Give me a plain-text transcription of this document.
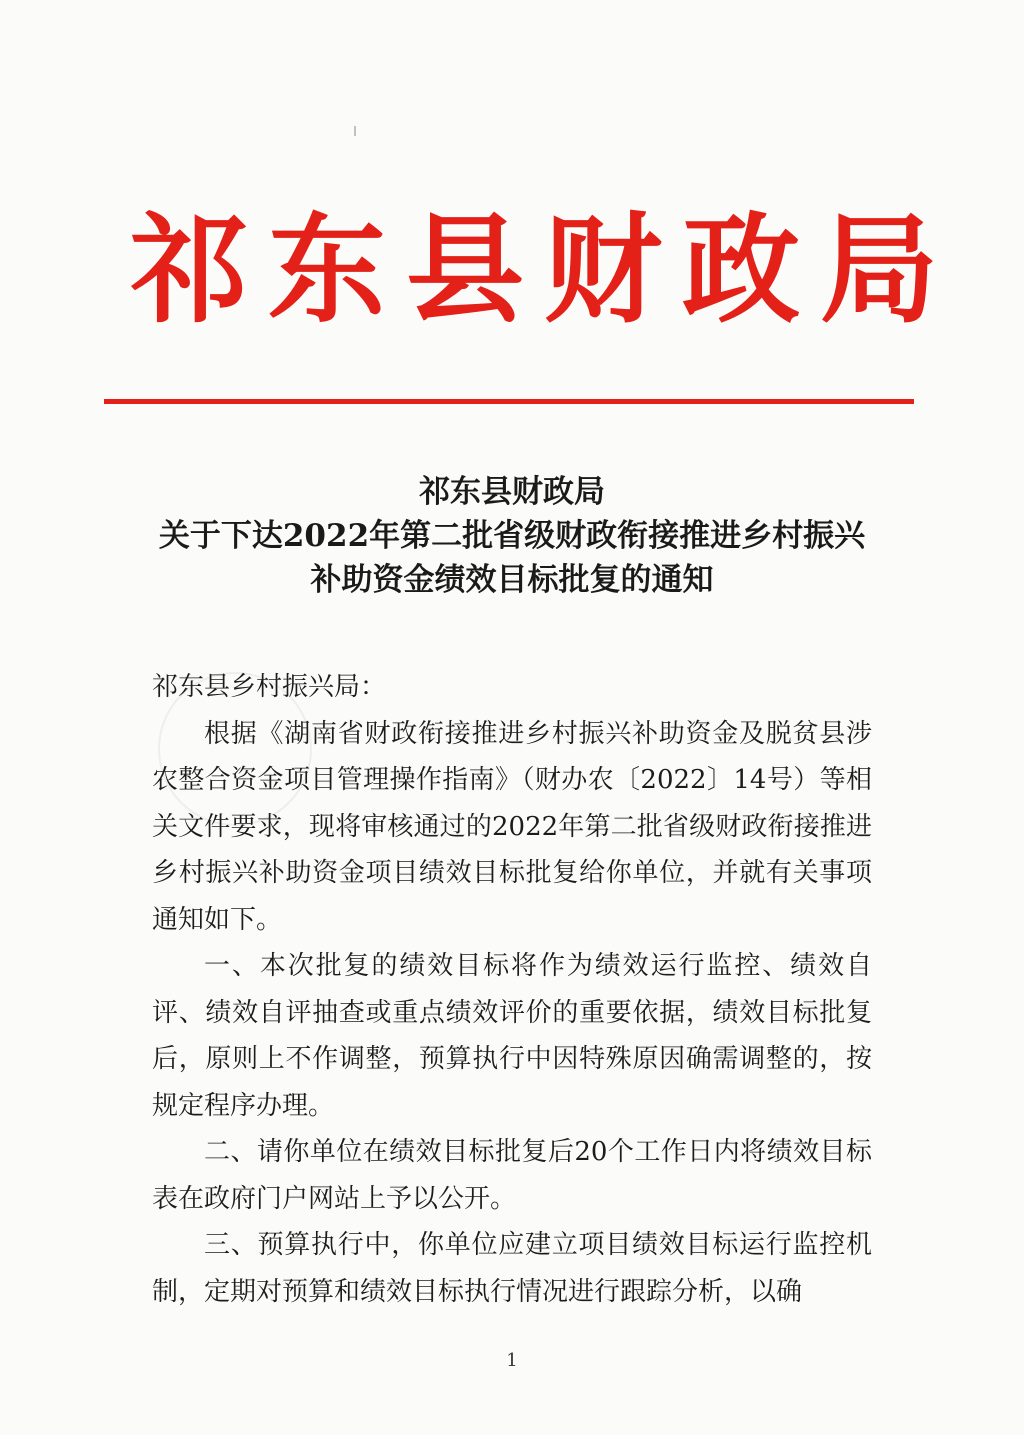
祁东县财政局
祁东县财政局
关于下达2022年第二批省级财政衔接推进乡村振兴
补助资金绩效目标批复的通知

祁东县乡村振兴局：

根据《湖南省财政衔接推进乡村振兴补助资金及脱贫县涉农整合资金项目管理操作指南》（财办农〔2022〕14号）等相关文件要求，现将审核通过的2022年第二批省级财政衔接推进乡村振兴补助资金项目绩效目标批复给你单位，并就有关事项通知如下。

一、本次批复的绩效目标将作为绩效运行监控、绩效自评、绩效自评抽查或重点绩效评价的重要依据，绩效目标批复后，原则上不作调整，预算执行中因特殊原因确需调整的，按规定程序办理。

二、请你单位在绩效目标批复后20个工作日内将绩效目标表在政府门户网站上予以公开。

三、预算执行中，你单位应建立项目绩效目标运行监控机制，定期对预算和绩效目标执行情况进行跟踪分析，以确

1
